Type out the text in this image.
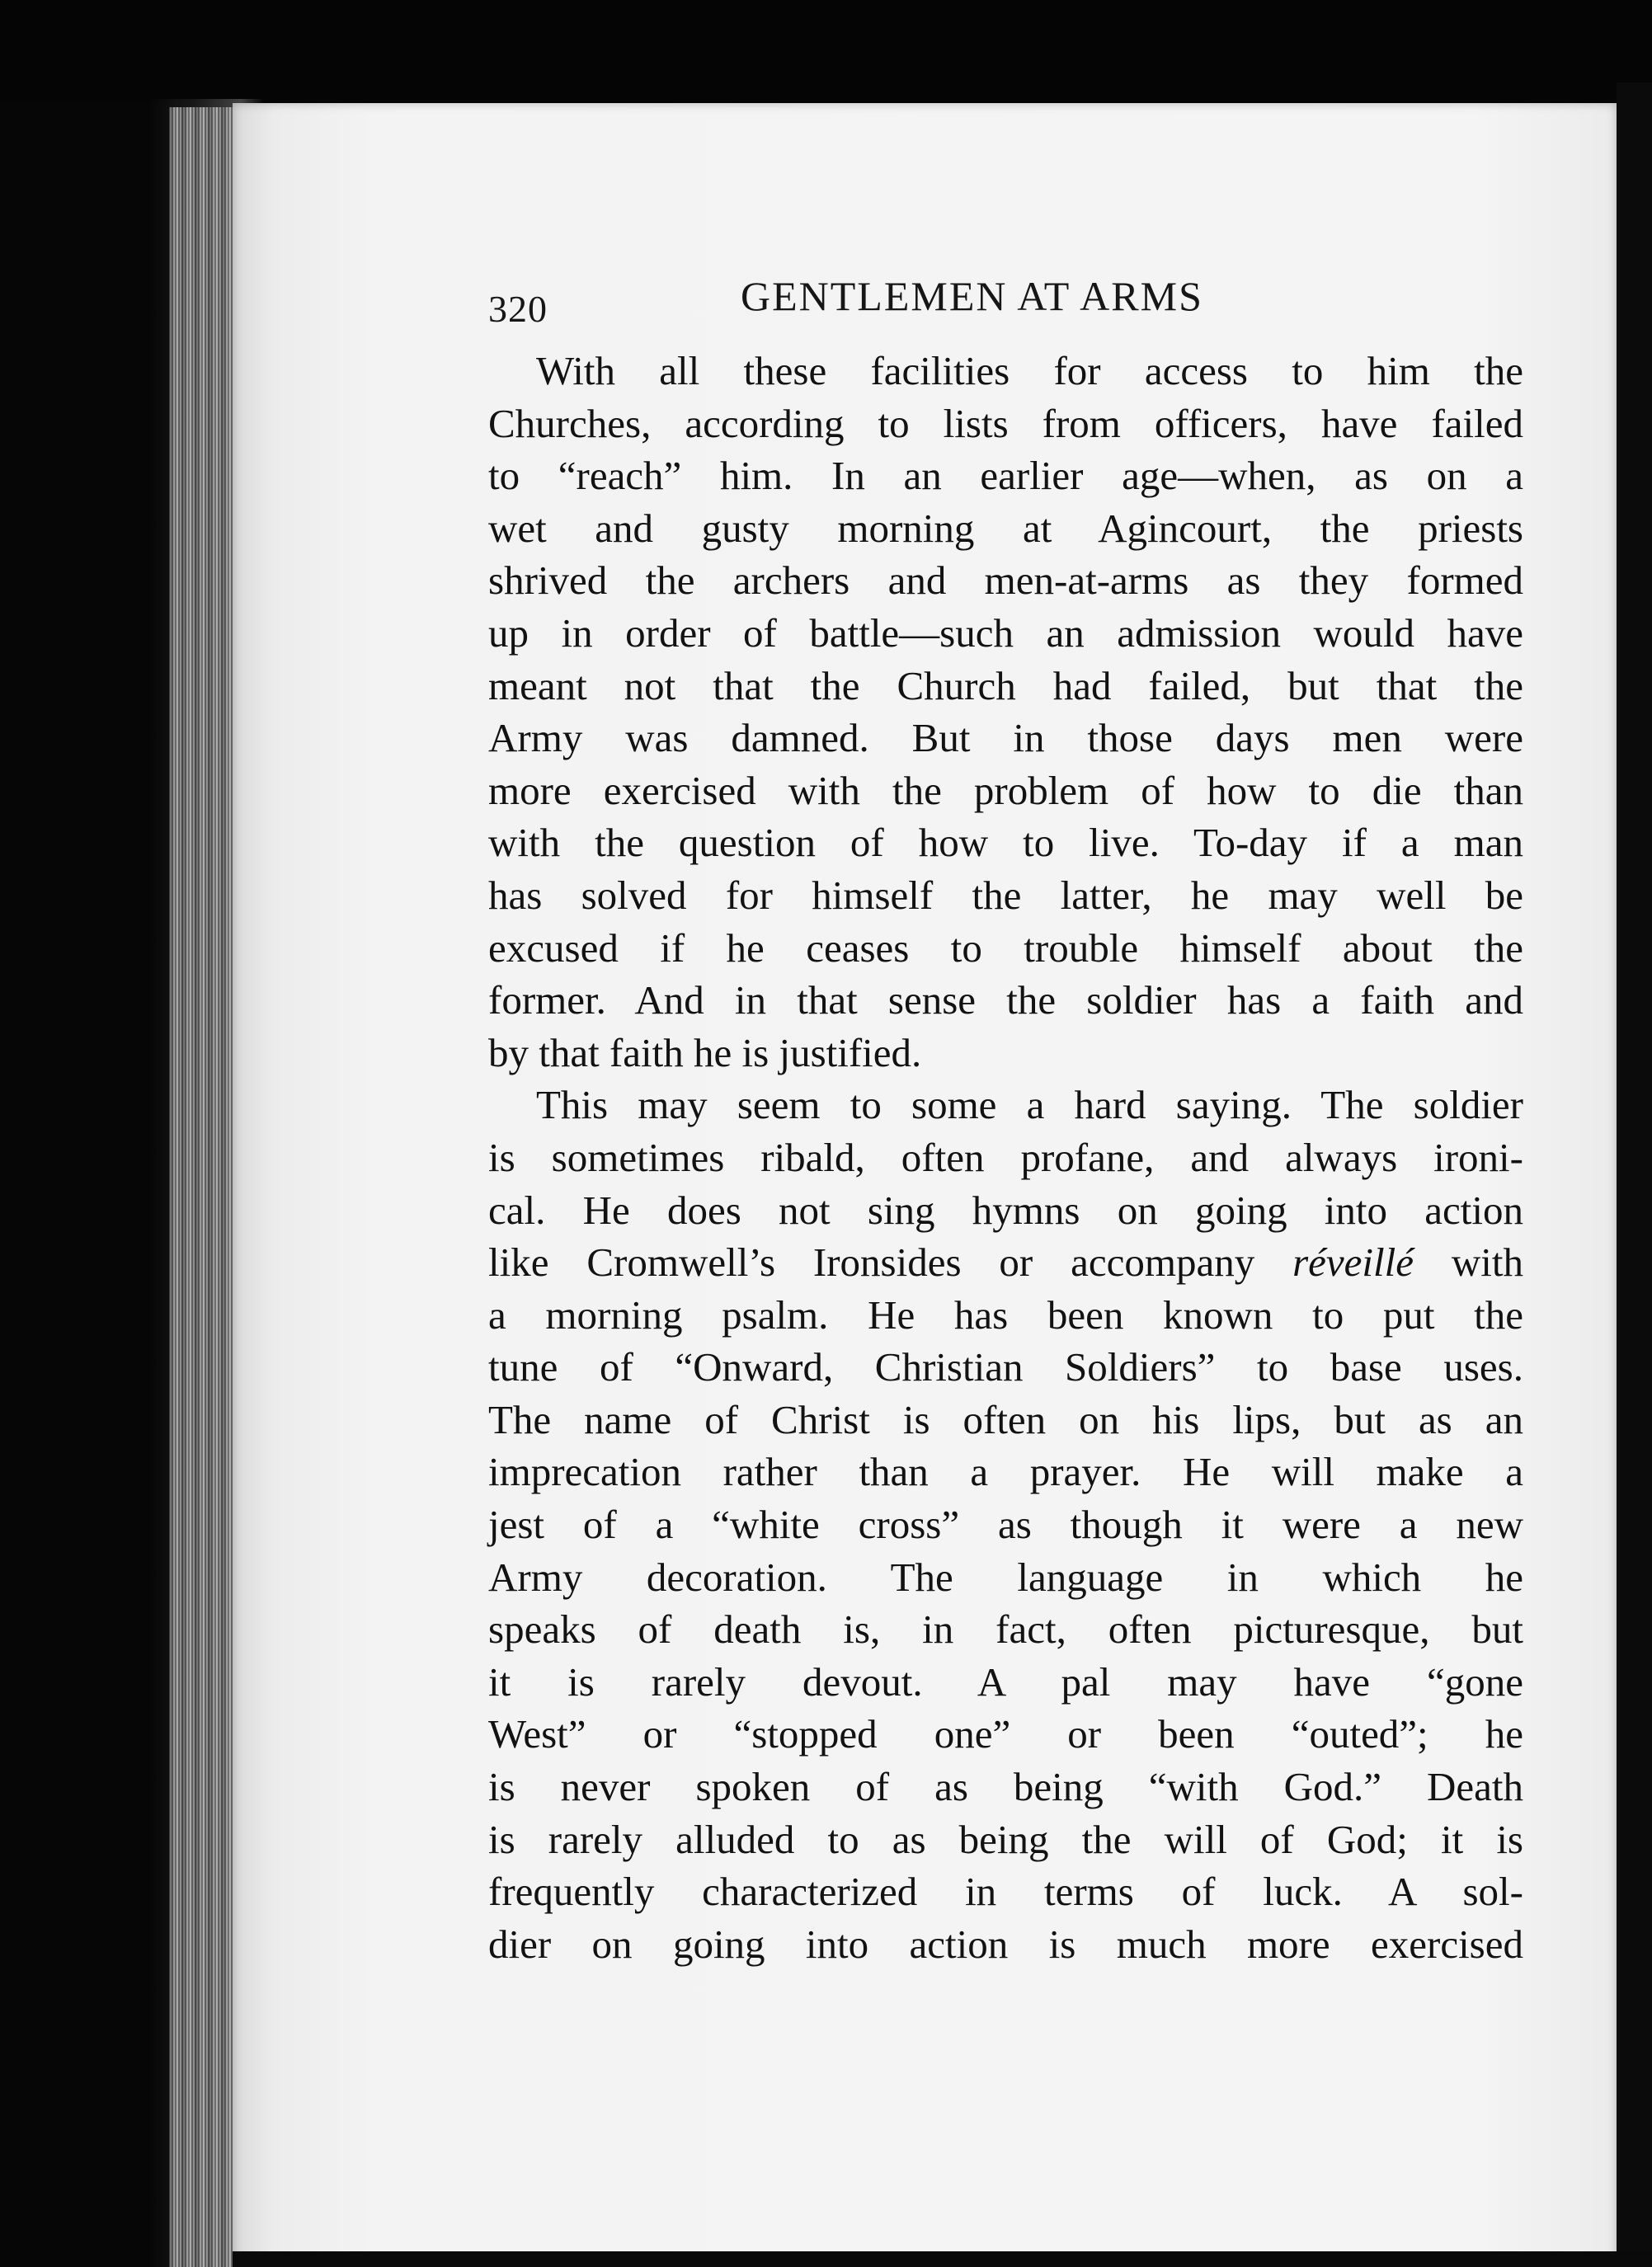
320	GENTLEMEN AT ARMS
With all these facilities for access to him the
Churches, according to lists from officers, have failed
to “reach” him. In an earlier age—when, as on a
wet and gusty morning at Agincourt, the priests
shrived the archers and men-at-arms as they formed
up in order of battle—such an admission would have
meant not that the Church had failed, but that the
Army was damned. But in those days men were
more exercised with the problem of how to die than
with the question of how to live. To-day if a man
has solved for himself the latter, he may well be
excused if he ceases to trouble himself about the
former. And in that sense the soldier has a faith and
by that faith he is justified.
This may seem to some a hard saying. The soldier
is sometimes ribald, often profane, and always ironi-
cal. He does not sing hymns on going into action
like Cromwell’s Ironsides or accompany réveillé with
a morning psalm. He has been known to put the
tune of “Onward, Christian Soldiers” to base uses.
The name of Christ is often on his lips, but as an
imprecation rather than a prayer. He will make a
jest of a “white cross” as though it were a new
Army decoration. The language in which he
speaks of death is, in fact, often picturesque, but
it is rarely devout. A pal may have “gone
West” or “stopped one” or been “outed”; he
is never spoken of as being “with God.” Death
is rarely alluded to as being the will of God; it is
frequently characterized in terms of luck. A sol-
dier on going into action is much more exercised
